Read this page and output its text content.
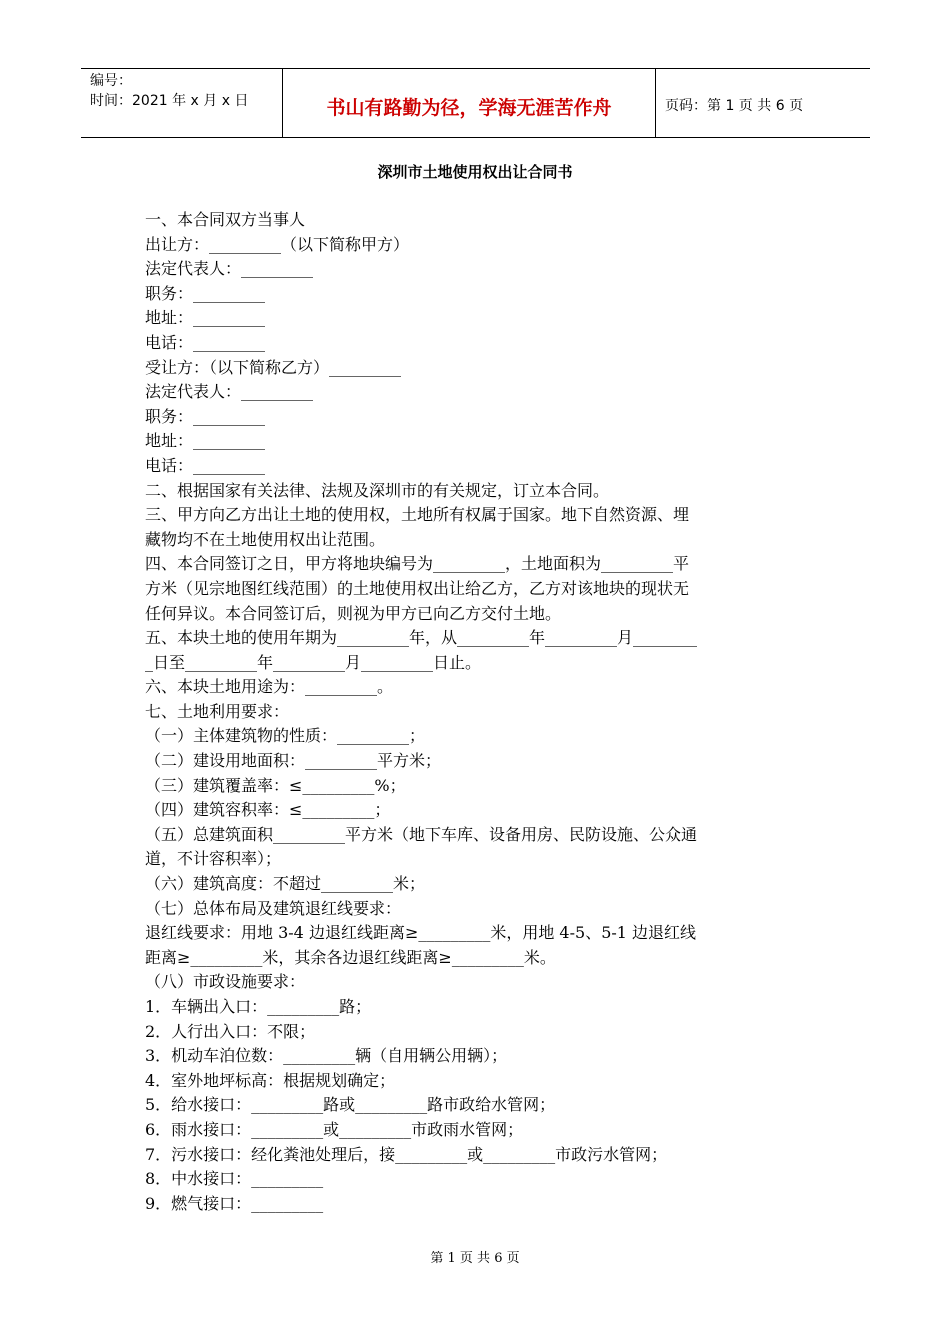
编号：
时间：2021 年 x 月 x 日	书山有路勤为径，学海无涯苦作舟	页码：第 1 页 共 6 页
深圳市土地使用权出让合同书
一、本合同双方当事人
出让方：_________（以下简称甲方）
法定代表人：_________
职务：_________
地址：_________
电话：_________
受让方：（以下简称乙方）_________
法定代表人：_________
职务：_________
地址：_________
电话：_________
二、根据国家有关法律、法规及深圳市的有关规定，订立本合同。
三、甲方向乙方出让土地的使用权，土地所有权属于国家。地下自然资源、埋
藏物均不在土地使用权出让范围。
四、本合同签订之日，甲方将地块编号为_________，土地面积为_________平
方米（见宗地图红线范围）的土地使用权出让给乙方，乙方对该地块的现状无
任何异议。本合同签订后，则视为甲方已向乙方交付土地。
五、本块土地的使用年期为_________年，从_________年_________月________
_日至_________年_________月_________日止。
六、本块土地用途为：_________。
七、土地利用要求：
（一）主体建筑物的性质：_________；
（二）建设用地面积：_________平方米；
（三）建筑覆盖率：≤_________%；
（四）建筑容积率：≤_________；
（五）总建筑面积_________平方米（地下车库、设备用房、民防设施、公众通
道，不计容积率）；
（六）建筑高度：不超过_________米；
（七）总体布局及建筑退红线要求：
退红线要求：用地 3-4 边退红线距离≥_________米，用地 4-5、5-1 边退红线
距离≥_________米，其余各边退红线距离≥_________米。
（八）市政设施要求：
1．车辆出入口：_________路；
2．人行出入口：不限；
3．机动车泊位数：_________辆（自用辆公用辆）；
4．室外地坪标高：根据规划确定；
5．给水接口：_________路或_________路市政给水管网；
6．雨水接口：_________或_________市政雨水管网；
7．污水接口：经化粪池处理后，接_________或_________市政污水管网；
8．中水接口：_________
9．燃气接口：_________
第 1 页 共 6 页
